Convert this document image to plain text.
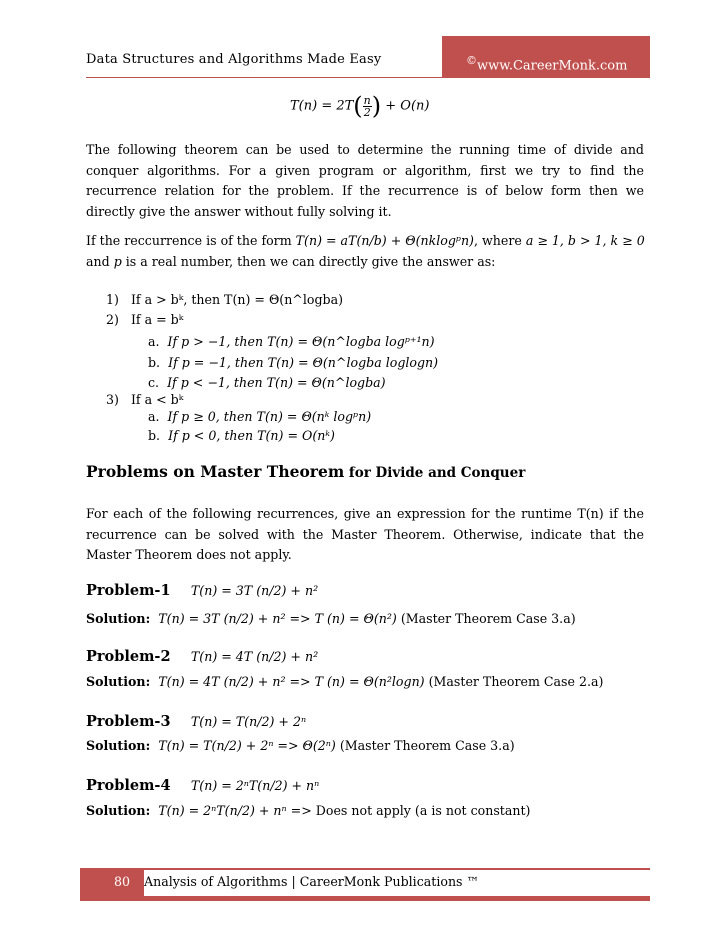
Data Structures and Algorithms Made Easy	©www.CareerMonk.com
$T(n) = 2T( \frac{n}{2}$ ) + O(n)
The following theorem can be used to determine the running time of divide and conquer algorithms. For a given program or algorithm, first we try to find the recurrence relation for the problem. If the recurrence is of below form then we directly give the answer without fully solving it.
If the reccurrence is of the form T(n) = aT(n/b) + Θ(nklogᵖn), where a ≥ 1, b > 1, k ≥ 0
and p is a real number, then we can directly give the answer as:
1) If a > bᵏ, then T(n) = Θ(n^logba)
2) If a = bᵏ
a. If p > −1, then T(n) = Θ(n^logba logᵖ⁺¹n)
b. If p = −1, then T(n) = Θ(n^logba loglogn)
c. If p < −1, then T(n) = Θ(n^logba)
3) If a < bᵏ
a. If p ≥ 0, then T(n) = Θ(nᵏ logᵖn)
b. If p < 0, then T(n) = O(nᵏ)
Problems on Master Theorem for Divide and Conquer
For each of the following recurrences, give an expression for the runtime T(n) if the recurrence can be solved with the Master Theorem. Otherwise, indicate that the Master Theorem does not apply.
Problem-1 T(n) = 3T (n/2) + n²
Solution: T(n) = 3T (n/2) + n² => T (n) = Θ(n²) (Master Theorem Case 3.a)
Problem-2 T(n) = 4T (n/2) + n²
Solution: T(n) = 4T (n/2) + n² => T (n) = Θ(n²logn) (Master Theorem Case 2.a)
Problem-3 T(n) = T(n/2) + 2ⁿ
Solution: T(n) = T(n/2) + 2ⁿ => Θ(2ⁿ) (Master Theorem Case 3.a)
Problem-4 T(n) = 2ⁿT(n/2) + nⁿ
Solution: T(n) = 2ⁿT(n/2) + nⁿ => Does not apply (a is not constant)
Analysis of Algorithms | CareerMonk Publications ™
80
